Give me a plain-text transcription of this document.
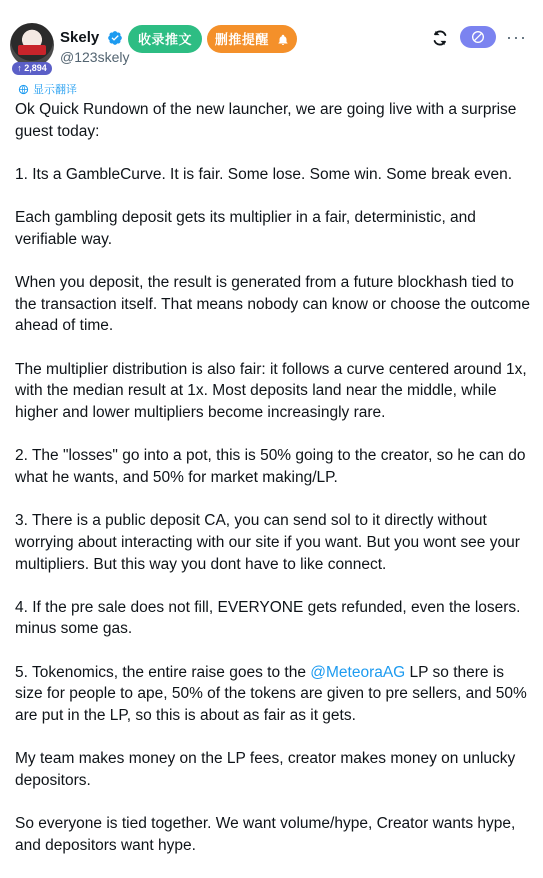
↑ 2,894
Skely
@123skely
收录推文	删推提醒	···
显示翻译

Ok Quick Rundown of the new launcher, we are going live with a surprise guest today:

1. Its a GambleCurve. It is fair. Some lose. Some win. Some break even.

Each gambling deposit gets its multiplier in a fair, deterministic, and verifiable way.

When you deposit, the result is generated from a future blockhash tied to the transaction itself. That means nobody can know or choose the outcome ahead of time.

The multiplier distribution is also fair: it follows a curve centered around 1x, with the median result at 1x. Most deposits land near the middle, while higher and lower multipliers become increasingly rare.

2. The "losses" go into a pot, this is 50% going to the creator, so he can do what he wants, and 50% for market making/LP.

3. There is a public deposit CA, you can send sol to it directly without worrying about interacting with our site if you want. But you wont see your multipliers. But this way you dont have to like connect.

4. If the pre sale does not fill, EVERYONE gets refunded, even the losers. minus some gas.

5. Tokenomics, the entire raise goes to the @MeteoraAG LP so there is size for people to ape, 50% of the tokens are given to pre sellers, and 50% are put in the LP, so this is about as fair as it gets.

My team makes money on the LP fees, creator makes money on unlucky depositors.

So everyone is tied together. We want volume/hype, Creator wants hype, and depositors want hype.
